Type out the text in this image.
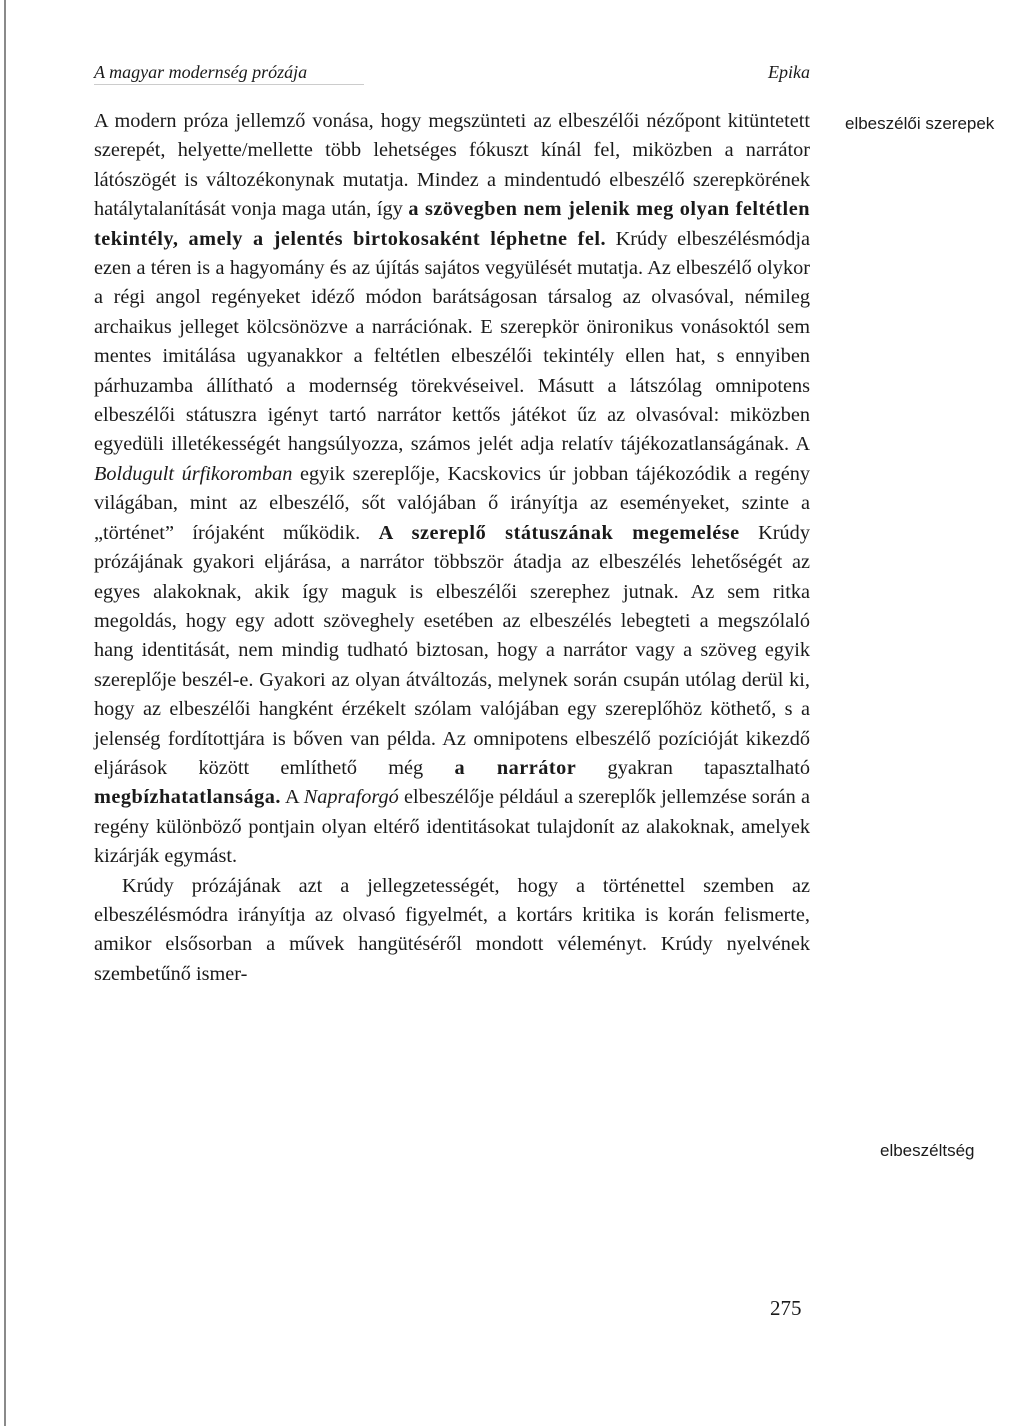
A magyar modernség prózája	Epika
elbeszélői szerepek
elbeszéltség

A modern próza jellemző vonása, hogy megszünteti az elbeszélői nézőpont kitüntetett szerepét, helyette/mellette több lehetséges fókuszt kínál fel, miközben a narrátor látószögét is változékonynak mutatja. Mindez a mindentudó elbeszélő szerepkörének hatálytalanítását vonja maga után, így a szövegben nem jelenik meg olyan feltétlen tekintély, amely a jelentés birtokosaként léphetne fel. Krúdy elbeszélésmódja ezen a téren is a hagyomány és az újítás sajátos vegyülését mutatja. Az elbeszélő olykor a régi angol regényeket idéző módon barátságosan társalog az olvasóval, némileg archaikus jelleget kölcsönözve a narrációnak. E szerepkör önironikus vonásoktól sem mentes imitálása ugyanakkor a feltétlen elbeszélői tekintély ellen hat, s ennyiben párhuzamba állítható a modernség törekvéseivel. Másutt a látszólag omnipotens elbeszélői státuszra igényt tartó narrátor kettős játékot űz az olvasóval: miközben egyedüli illetékességét hangsúlyozza, számos jelét adja relatív tájékozatlanságának. A Boldugult úrfikoromban egyik szereplője, Kacskovics úr jobban tájékozódik a regény világában, mint az elbeszélő, sőt valójában ő irányítja az eseményeket, szinte a „történet” írójaként működik. A szereplő státuszának megemelése Krúdy prózájának gyakori eljárása, a narrátor többször átadja az elbeszélés lehetőségét az egyes alakoknak, akik így maguk is elbeszélői szerephez jutnak. Az sem ritka megoldás, hogy egy adott szöveghely esetében az elbeszélés lebegteti a megszólaló hang identitását, nem mindig tudható biztosan, hogy a narrátor vagy a szöveg egyik szereplője beszél-e. Gyakori az olyan átváltozás, melynek során csupán utólag derül ki, hogy az elbeszélői hangként érzékelt szólam valójában egy szereplőhöz köthető, s a jelenség fordítottjára is bőven van példa. Az omnipotens elbeszélő pozícióját kikezdő eljárások között említhető még a narrátor gyakran tapasztalható megbízhatatlansága. A Napraforgó elbeszélője például a szereplők jellemzése során a regény különböző pontjain olyan eltérő identitásokat tulajdonít az alakoknak, amelyek kizárják egymást.

Krúdy prózájának azt a jellegzetességét, hogy a történettel szemben az elbeszélésmódra irányítja az olvasó figyelmét, a kortárs kritika is korán felismerte, amikor elsősorban a művek hangütéséről mondott véleményt. Krúdy nyelvének szembetűnő ismer-

275
